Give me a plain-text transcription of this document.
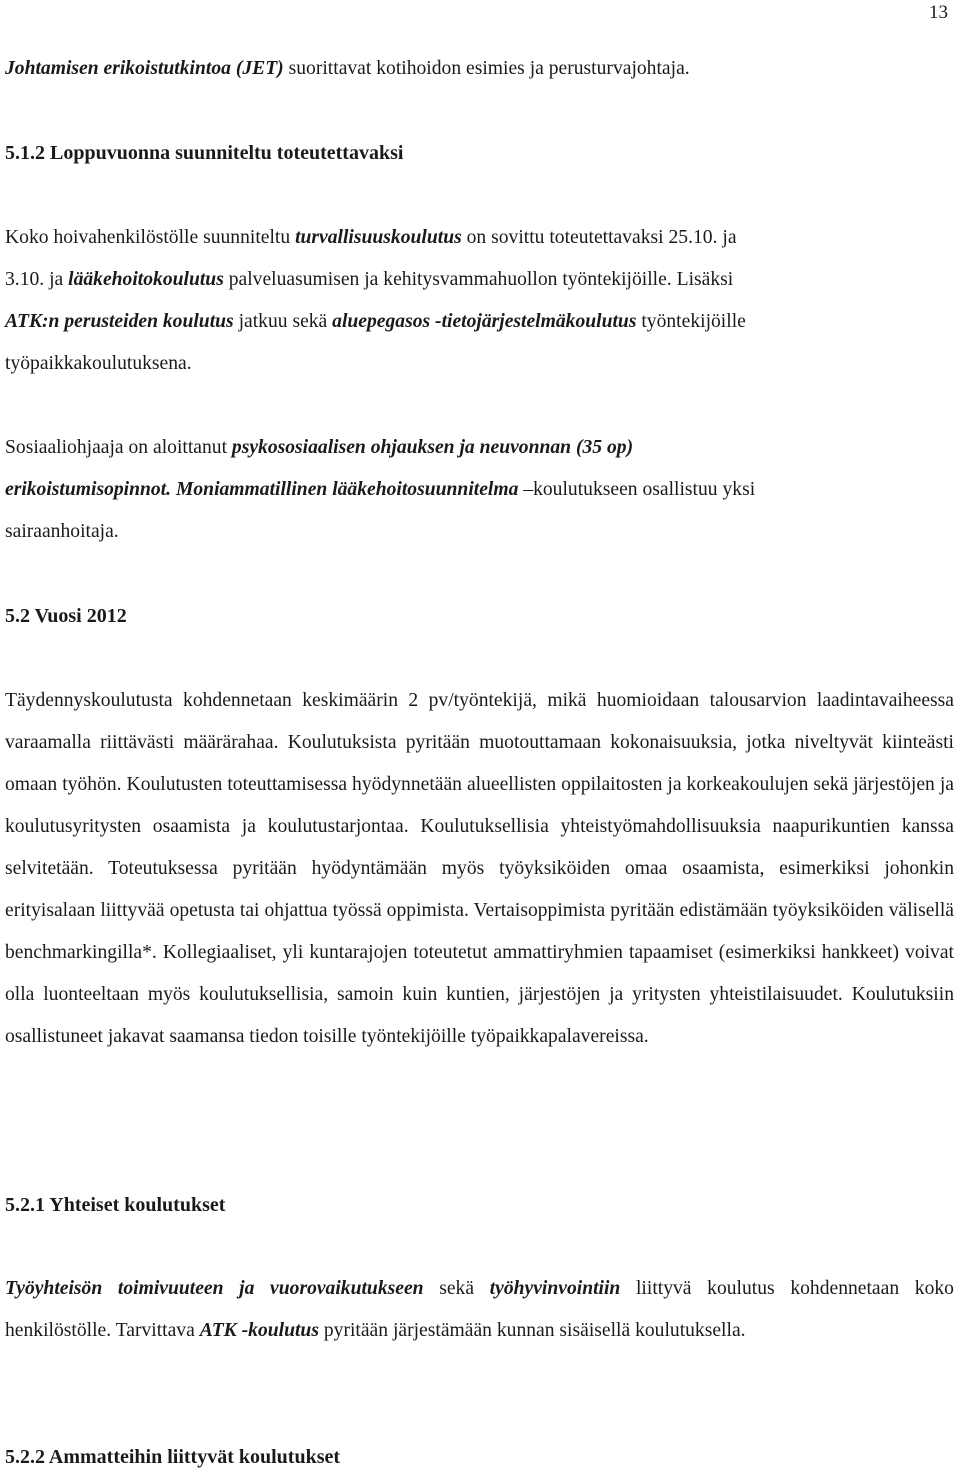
13

Johtamisen erikoistutkintoa (JET) suorittavat kotihoidon esimies ja perusturvajohtaja.

5.1.2 Loppuvuonna suunniteltu toteutettavaksi

Koko hoivahenkilöstölle suunniteltu turvallisuuskoulutus on sovittu toteutettavaksi 25.10. ja
3.10. ja lääkehoitokoulutus palveluasumisen ja kehitysvammahuollon työntekijöille. Lisäksi
ATK:n perusteiden koulutus jatkuu sekä aluepegasos -tietojärjestelmäkoulutus työntekijöille
työpaikkakoulutuksena.

Sosiaaliohjaaja on aloittanut psykososiaalisen ohjauksen ja neuvonnan (35 op)
erikoistumisopinnot. Moniammatillinen lääkehoitosuunnitelma –koulutukseen osallistuu yksi
sairaanhoitaja.

5.2 Vuosi 2012

Täydennyskoulutusta kohdennetaan keskimäärin 2 pv/työntekijä, mikä huomioidaan talousarvion laadintavaiheessa varaamalla riittävästi määrärahaa. Koulutuksista pyritään muotouttamaan kokonaisuuksia, jotka niveltyvät kiinteästi omaan työhön. Koulutusten toteuttamisessa hyödynnetään alueellisten oppilaitosten ja korkeakoulujen sekä järjestöjen ja koulutusyritysten osaamista ja koulutustarjontaa. Koulutuksellisia yhteistyömahdollisuuksia naapurikuntien kanssa selvitetään. Toteutuksessa pyritään hyödyntämään myös työyksiköiden omaa osaamista, esimerkiksi johonkin erityisalaan liittyvää opetusta tai ohjattua työssä oppimista. Vertaisoppimista pyritään edistämään työyksiköiden välisellä benchmarkingilla*. Kollegiaaliset, yli kuntarajojen toteutetut ammattiryhmien tapaamiset (esimerkiksi hankkeet) voivat olla luonteeltaan myös koulutuksellisia, samoin kuin kuntien, järjestöjen ja yritysten yhteistilaisuudet. Koulutuksiin osallistuneet jakavat saamansa tiedon toisille työntekijöille työpaikkapalavereissa.

5.2.1 Yhteiset koulutukset

Työyhteisön toimivuuteen ja vuorovaikutukseen sekä työhyvinvointiin liittyvä koulutus kohdennetaan koko henkilöstölle. Tarvittava ATK -koulutus pyritään järjestämään kunnan sisäisellä koulutuksella.

5.2.2 Ammatteihin liittyvät koulutukset
